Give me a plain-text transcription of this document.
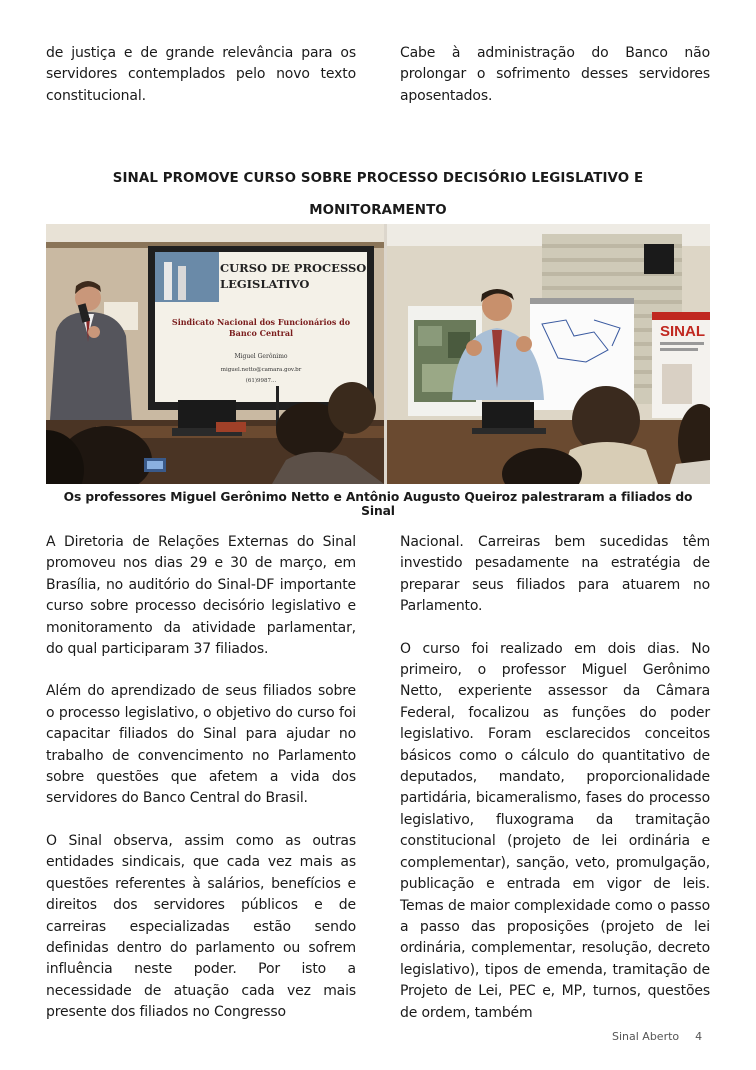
de justiça e de grande relevância para os servidores contemplados pelo novo texto constitucional.

Cabe à administração do Banco não prolongar o sofrimento desses servidores aposentados.

SINAL PROMOVE CURSO SOBRE PROCESSO DECISÓRIO LEGISLATIVO E MONITORAMENTO
CURSO DE PROCESSO
LEGISLATIVO
Sindicato Nacional dos Funcionários do
Banco Central
Miguel Gerônimo
miguel.netto@camara.gov.br
(61)9987...
SINAL
Os professores Miguel Gerônimo Netto e Antônio Augusto Queiroz palestraram a filiados do Sinal

A Diretoria de Relações Externas do Sinal promoveu nos dias 29 e 30 de março, em Brasília, no auditório do Sinal-DF importante curso sobre processo decisório legislativo e monitoramento da atividade parlamentar, do qual participaram 37 filiados.

Além do aprendizado de seus filiados sobre o processo legislativo, o objetivo do curso foi capacitar filiados do Sinal para ajudar no trabalho de convencimento no Parlamento sobre questões que afetem a vida dos servidores do Banco Central do Brasil.

O Sinal observa, assim como as outras entidades sindicais, que cada vez mais as questões referentes à salários, benefícios e direitos dos servidores públicos e de carreiras especializadas estão sendo definidas dentro do parlamento ou sofrem influência neste poder. Por isto a necessidade de atuação cada vez mais presente dos filiados no Congresso

Nacional. Carreiras bem sucedidas têm investido pesadamente na estratégia de preparar seus filiados para atuarem no Parlamento.

O curso foi realizado em dois dias. No primeiro, o professor Miguel Gerônimo Netto, experiente assessor da Câmara Federal, focalizou as funções do poder legislativo. Foram esclarecidos conceitos básicos como o cálculo do quantitativo de deputados, mandato, proporcionalidade partidária, bicameralismo, fases do processo legislativo, fluxograma da tramitação constitucional (projeto de lei ordinária e complementar), sanção, veto, promulgação, publicação e entrada em vigor de leis. Temas de maior complexidade como o passo a passo das proposições (projeto de lei ordinária, complementar, resolução, decreto legislativo), tipos de emenda, tramitação de Projeto de Lei, PEC e, MP, turnos, questões de ordem, também

Sinal Aberto 4
